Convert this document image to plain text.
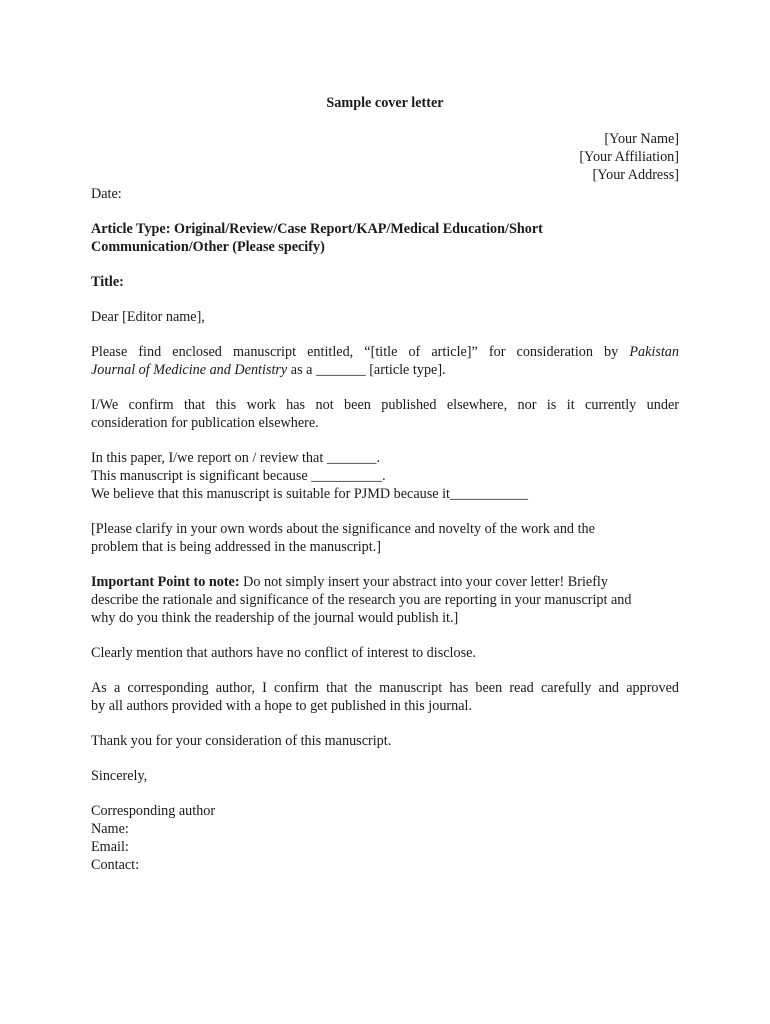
Sample cover letter

[Your Name]
[Your Affiliation]
[Your Address]

Date:

Article Type: Original/Review/Case Report/KAP/Medical Education/Short
Communication/Other (Please specify)

Title:

Dear [Editor name],

Please find enclosed manuscript entitled, “[title of article]” for consideration by Pakistan
Journal of Medicine and Dentistry as a _______ [article type].

I/We confirm that this work has not been published elsewhere, nor is it currently under
consideration for publication elsewhere.

In this paper, I/we report on / review that _______.
This manuscript is significant because __________.
We believe that this manuscript is suitable for PJMD because it___________

[Please clarify in your own words about the significance and novelty of the work and the
problem that is being addressed in the manuscript.]

Important Point to note: Do not simply insert your abstract into your cover letter! Briefly
describe the rationale and significance of the research you are reporting in your manuscript and
why do you think the readership of the journal would publish it.]

Clearly mention that authors have no conflict of interest to disclose.

As a corresponding author, I confirm that the manuscript has been read carefully and approved
by all authors provided with a hope to get published in this journal.

Thank you for your consideration of this manuscript.

Sincerely,

Corresponding author
Name:
Email:
Contact:
